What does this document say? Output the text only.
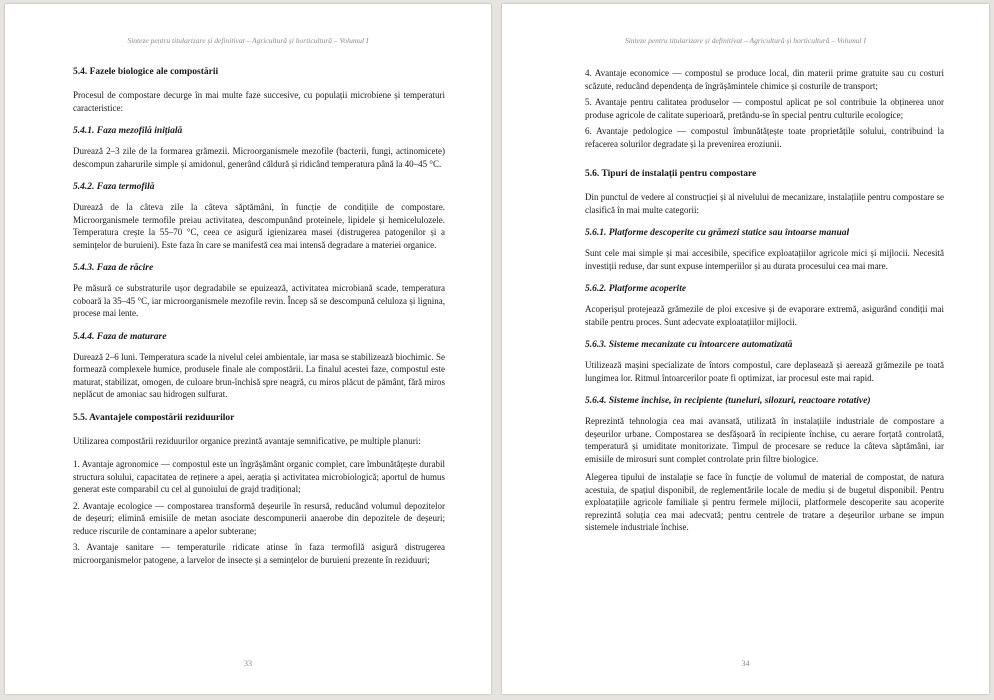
Sinteze pentru titularizare și definitivat – Agricultură și horticultură – Volumul I
5.4. Fazele biologice ale compostării

Procesul de compostare decurge în mai multe faze succesive, cu populații microbiene și temperaturi caracteristice:

5.4.1. Faza mezofilă inițială

Durează 2–3 zile de la formarea grămezii. Microorganismele mezofile (bacterii, fungi, actinomicete) descompun zaharurile simple și amidonul, generând căldură și ridicând temperatura până la 40–45 °C.

5.4.2. Faza termofilă

Durează de la câteva zile la câteva săptămâni, în funcție de condițiile de compostare. Microorganismele termofile preiau activitatea, descompunând proteinele, lipidele și hemicelulozele. Temperatura crește la 55–70 °C, ceea ce asigură igienizarea masei (distrugerea patogenilor și a semințelor de buruieni). Este faza în care se manifestă cea mai intensă degradare a materiei organice.

5.4.3. Faza de răcire

Pe măsură ce substraturile ușor degradabile se epuizează, activitatea microbiană scade, temperatura coboară la 35–45 °C, iar microorganismele mezofile revin. Încep să se descompună celuloza și lignina, procese mai lente.

5.4.4. Faza de maturare

Durează 2–6 luni. Temperatura scade la nivelul celei ambientale, iar masa se stabilizează biochimic. Se formează complexele humice, produsele finale ale compostării. La finalul acestei faze, compostul este maturat, stabilizat, omogen, de culoare brun-închisă spre neagră, cu miros plăcut de pământ, fără miros neplăcut de amoniac sau hidrogen sulfurat.

5.5. Avantajele compostării reziduurilor

Utilizarea compostării reziduurilor organice prezintă avantaje semnificative, pe multiple planuri:

1. Avantaje agronomice — compostul este un îngrășământ organic complet, care îmbunătățește durabil structura solului, capacitatea de reținere a apei, aerația și activitatea microbiologică; aportul de humus generat este comparabil cu cel al gunoiului de grajd tradițional;

2. Avantaje ecologice — compostarea transformă deșeurile în resursă, reducând volumul depozitelor de deșeuri; elimină emisiile de metan asociate descompunerii anaerobe din depozitele de deșeuri; reduce riscurile de contaminare a apelor subterane;

3. Avantaje sanitare — temperaturile ridicate atinse în faza termofilă asigură distrugerea microorganismelor patogene, a larvelor de insecte și a semințelor de buruieni prezente în reziduuri;

33
Sinteze pentru titularizare și definitivat – Agricultură și horticultură – Volumul I

4. Avantaje economice — compostul se produce local, din materii prime gratuite sau cu costuri scăzute, reducând dependența de îngrășămintele chimice și costurile de transport;

5. Avantaje pentru calitatea produselor — compostul aplicat pe sol contribuie la obținerea unor produse agricole de calitate superioară, pretându-se în special pentru culturile ecologice;

6. Avantaje pedologice — compostul îmbunătățește toate proprietățile solului, contribuind la refacerea solurilor degradate și la prevenirea eroziunii.

5.6. Tipuri de instalații pentru compostare

Din punctul de vedere al construcției și al nivelului de mecanizare, instalațiile pentru compostare se clasifică în mai multe categorii:

5.6.1. Platforme descoperite cu grămezi statice sau întoarse manual

Sunt cele mai simple și mai accesibile, specifice exploatațiilor agricole mici și mijlocii. Necesită investiții reduse, dar sunt expuse intemperiilor și au durata procesului cea mai mare.

5.6.2. Platforme acoperite

Acoperișul protejează grămezile de ploi excesive și de evaporare extremă, asigurând condiții mai stabile pentru proces. Sunt adecvate exploatațiilor mijlocii.

5.6.3. Sisteme mecanizate cu întoarcere automatizată

Utilizează mașini specializate de întors compostul, care deplasează și aerează grămezile pe toată lungimea lor. Ritmul întoarcerilor poate fi optimizat, iar procesul este mai rapid.

5.6.4. Sisteme închise, în recipiente (tuneluri, silozuri, reactoare rotative)

Reprezintă tehnologia cea mai avansată, utilizată în instalațiile industriale de compostare a deșeurilor urbane. Compostarea se desfășoară în recipiente închise, cu aerare forțată controlată, temperatură și umiditate monitorizate. Timpul de procesare se reduce la câteva săptămâni, iar emisiile de mirosuri sunt complet controlate prin filtre biologice.

Alegerea tipului de instalație se face în funcție de volumul de material de compostat, de natura acestuia, de spațiul disponibil, de reglementările locale de mediu și de bugetul disponibil. Pentru exploatațiile agricole familiale și pentru fermele mijlocii, platformele descoperite sau acoperite reprezintă soluția cea mai adecvată; pentru centrele de tratare a deșeurilor urbane se impun sistemele industriale închise.

34
